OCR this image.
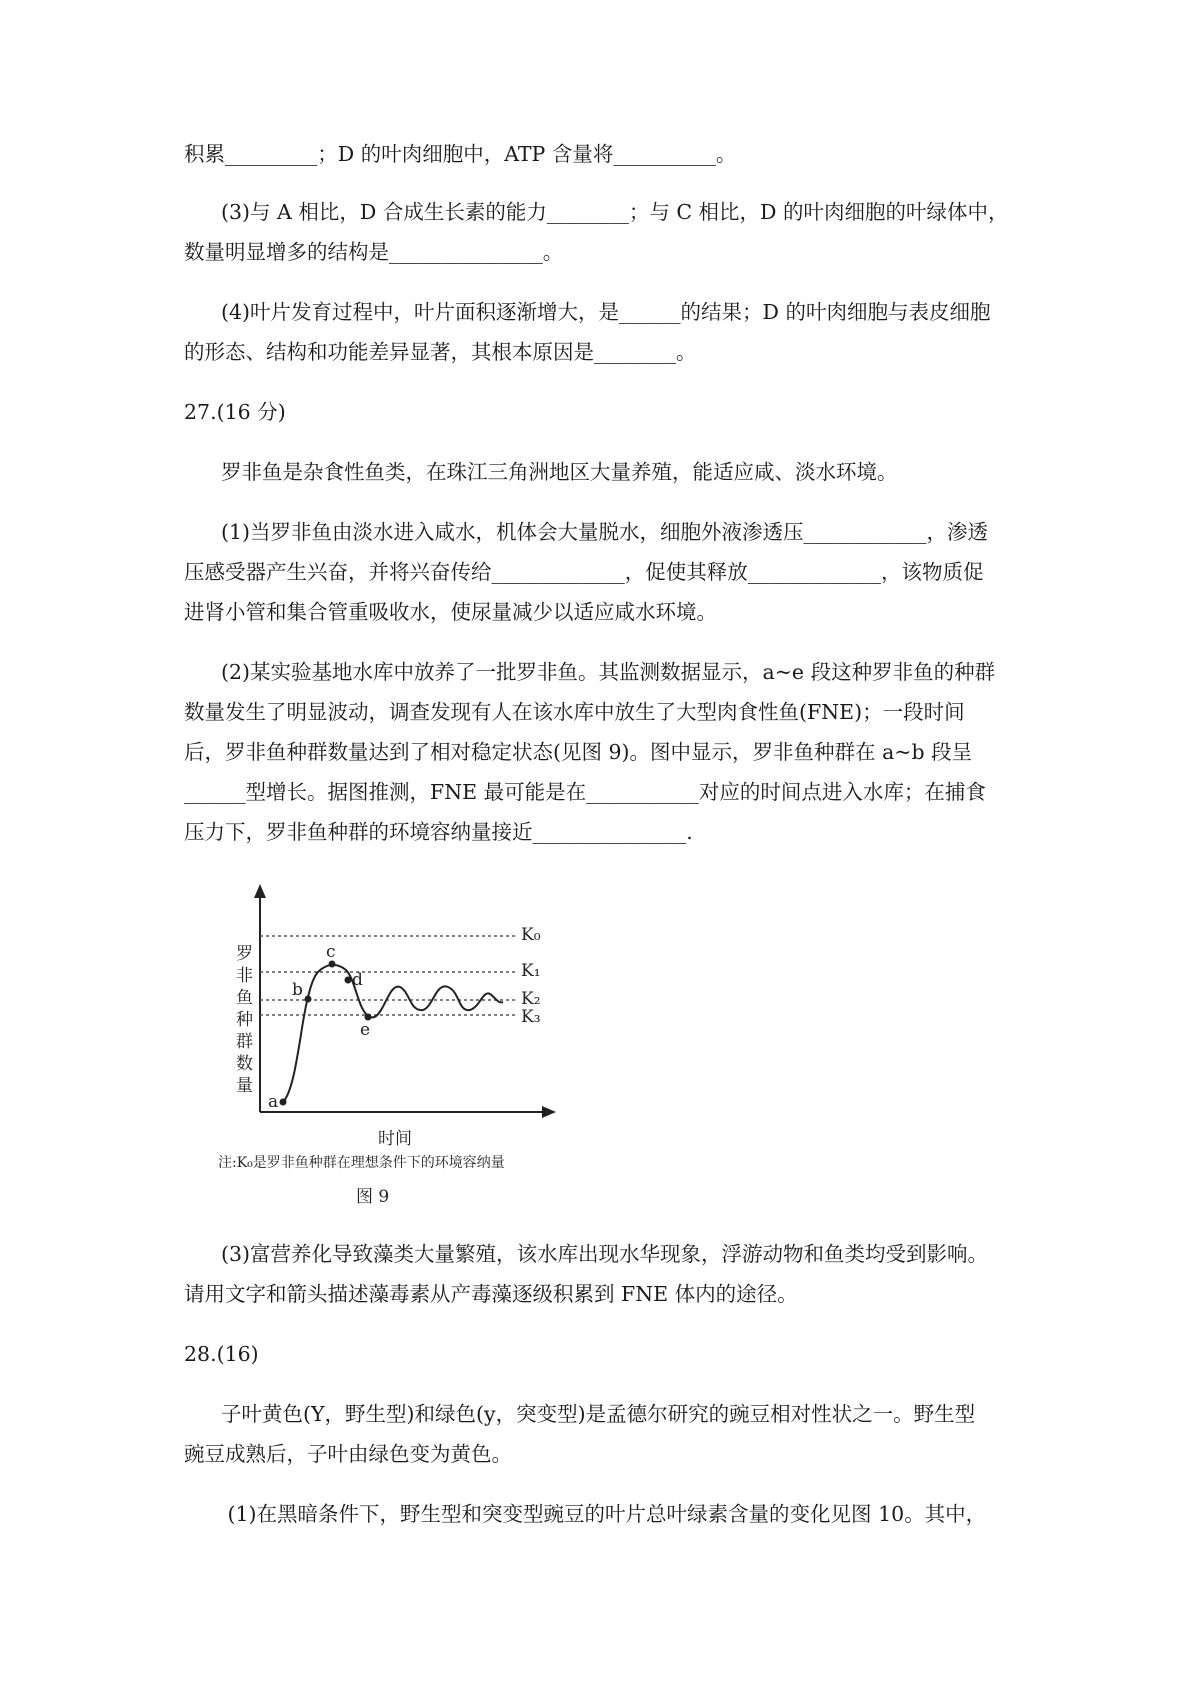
积累_________；D 的叶肉细胞中，ATP 含量将__________。
(3)与 A 相比，D 合成生长素的能力________；与 C 相比，D 的叶肉细胞的叶绿体中，
数量明显增多的结构是_______________。
(4)叶片发育过程中，叶片面积逐渐增大，是______的结果；D 的叶肉细胞与表皮细胞
的形态、结构和功能差异显著，其根本原因是________。
27.(16 分)
罗非鱼是杂食性鱼类，在珠江三角洲地区大量养殖，能适应咸、淡水环境。
(1)当罗非鱼由淡水进入咸水，机体会大量脱水，细胞外液渗透压____________，渗透
压感受器产生兴奋，并将兴奋传给_____________，促使其释放_____________，该物质促
进肾小管和集合管重吸收水，使尿量减少以适应咸水环境。
(2)某实验基地水库中放养了一批罗非鱼。其监测数据显示，a~e 段这种罗非鱼的种群
数量发生了明显波动，调查发现有人在该水库中放生了大型肉食性鱼(FNE)；一段时间
后，罗非鱼种群数量达到了相对稳定状态(见图 9)。图中显示，罗非鱼种群在 a~b 段呈
______型增长。据图推测，FNE 最可能是在___________对应的时间点进入水库；在捕食
压力下，罗非鱼种群的环境容纳量接近_______________.
罗非鱼种群数量
K₀
K₁
K₂
K₃
a
b
c
d
e
时间
注:K₀是罗非鱼种群在理想条件下的环境容纳量
图 9
(3)富营养化导致藻类大量繁殖，该水库出现水华现象，浮游动物和鱼类均受到影响。
请用文字和箭头描述藻毒素从产毒藻逐级积累到 FNE 体内的途径。
28.(16)
子叶黄色(Y，野生型)和绿色(y，突变型)是孟德尔研究的豌豆相对性状之一。野生型
豌豆成熟后，子叶由绿色变为黄色。
(1)在黑暗条件下，野生型和突变型豌豆的叶片总叶绿素含量的变化见图 10。其中，
